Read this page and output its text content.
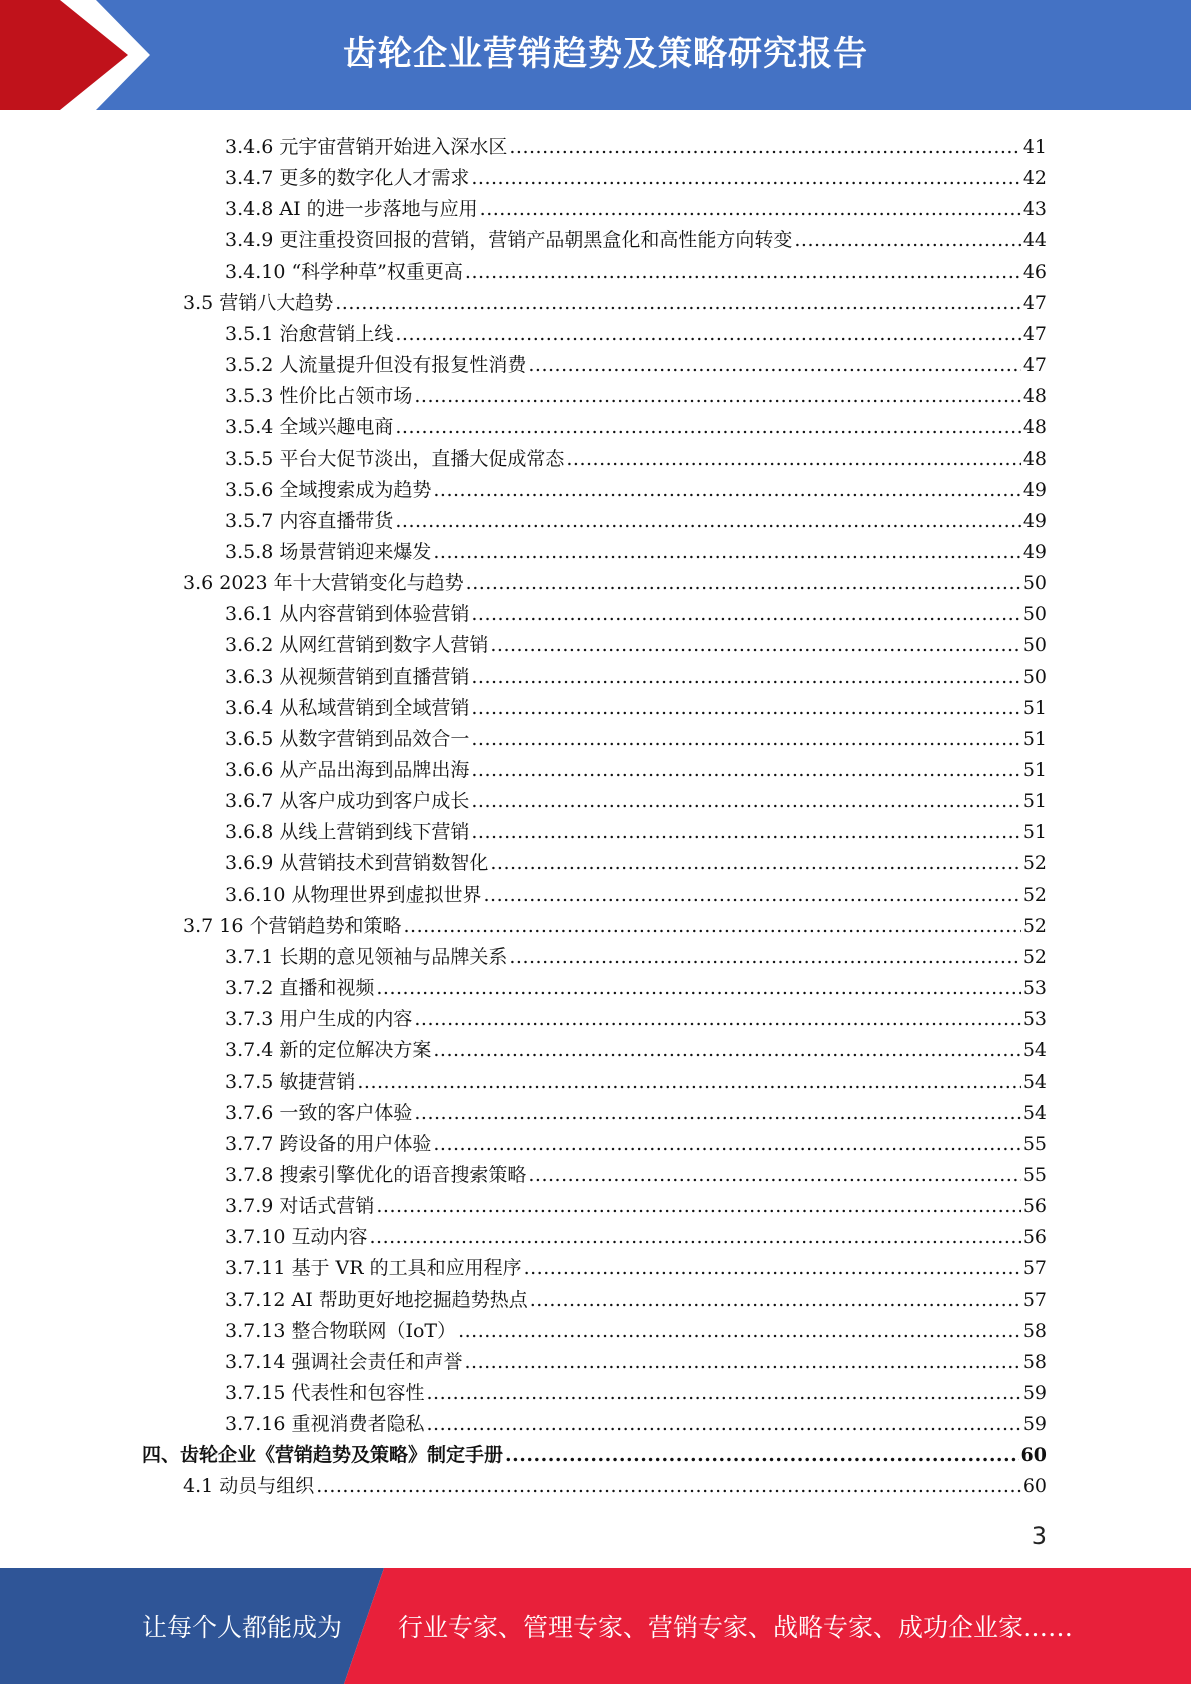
齿轮企业营销趋势及策略研究报告
3.4.6 元宇宙营销开始进入深水区 .....	41
3.4.7 更多的数字化人才需求 .....	42
3.4.8 AI 的进一步落地与应用 .....	43
3.4.9 更注重投资回报的营销，营销产品朝黑盒化和高性能方向转变 .....	44
3.4.10 “科学种草”权重更高 .....	46
3.5 营销八大趋势 .....	47
3.5.1 治愈营销上线 .....	47
3.5.2 人流量提升但没有报复性消费 .....	47
3.5.3 性价比占领市场 .....	48
3.5.4 全域兴趣电商 .....	48
3.5.5 平台大促节淡出，直播大促成常态 .....	48
3.5.6 全域搜索成为趋势 .....	49
3.5.7 内容直播带货 .....	49
3.5.8 场景营销迎来爆发 .....	49
3.6 2023 年十大营销变化与趋势 .....	50
3.6.1 从内容营销到体验营销 .....	50
3.6.2 从网红营销到数字人营销 .....	50
3.6.3 从视频营销到直播营销 .....	50
3.6.4 从私域营销到全域营销 .....	51
3.6.5 从数字营销到品效合一 .....	51
3.6.6 从产品出海到品牌出海 .....	51
3.6.7 从客户成功到客户成长 .....	51
3.6.8 从线上营销到线下营销 .....	51
3.6.9 从营销技术到营销数智化 .....	52
3.6.10 从物理世界到虚拟世界 .....	52
3.7 16 个营销趋势和策略 .....	52
3.7.1 长期的意见领袖与品牌关系 .....	52
3.7.2 直播和视频 .....	53
3.7.3 用户生成的内容 .....	53
3.7.4 新的定位解决方案 .....	54
3.7.5 敏捷营销 .....	54
3.7.6 一致的客户体验 .....	54
3.7.7 跨设备的用户体验 .....	55
3.7.8 搜索引擎优化的语音搜索策略 .....	55
3.7.9 对话式营销 .....	56
3.7.10 互动内容 .....	56
3.7.11 基于 VR 的工具和应用程序 .....	57
3.7.12 AI 帮助更好地挖掘趋势热点 .....	57
3.7.13 整合物联网（IoT） .....	58
3.7.14 强调社会责任和声誉 .....	58
3.7.15 代表性和包容性 .....	59
3.7.16 重视消费者隐私 .....	59
四、齿轮企业《营销趋势及策略》制定手册 .....	60
4.1 动员与组织 .....	60
3
让每个人都能成为 行业专家、管理专家、营销专家、战略专家、成功企业家……
